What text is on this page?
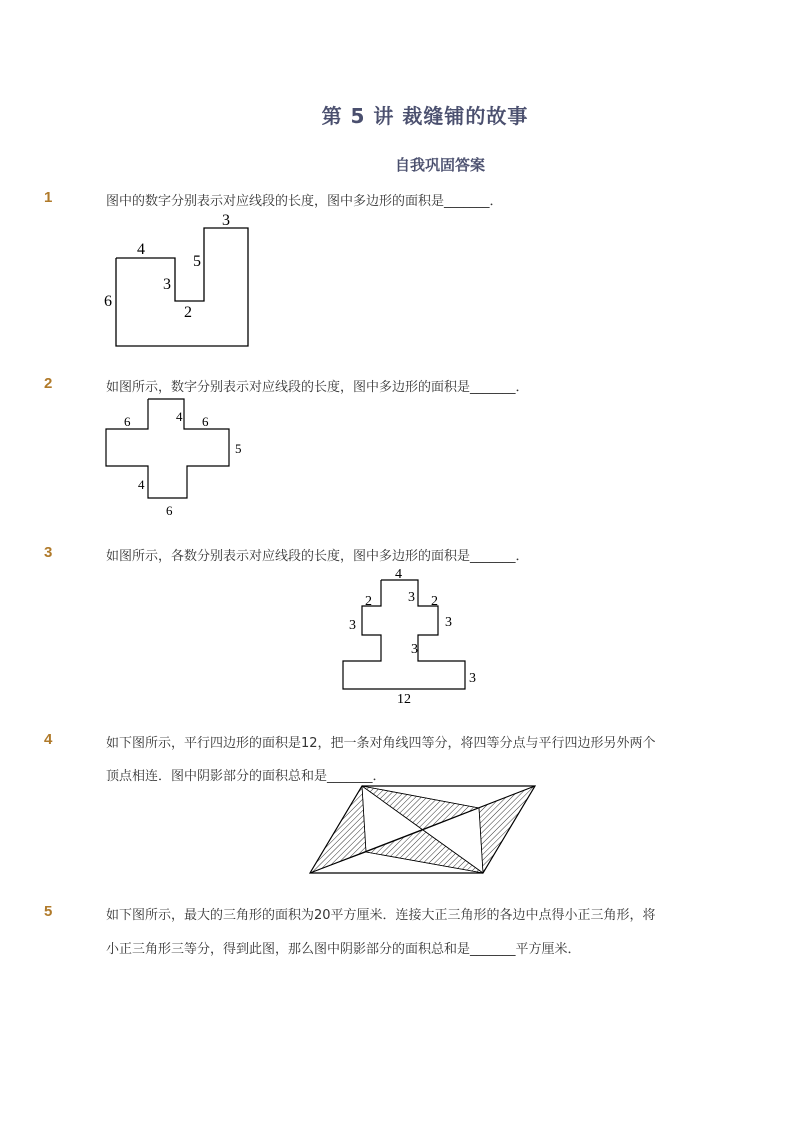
第 5 讲 裁缝铺的故事
自我巩固答案
1	图中的数字分别表示对应线段的长度，图中多边形的面积是_______．
3
4
5
3
6
2
2	如图所示，数字分别表示对应线段的长度，图中多边形的面积是_______．
6	4 6
5
4
6
3	如图所示，各数分别表示对应线段的长度，图中多边形的面积是_______．
4
2	3 2
3	3
3
3
12
4	如下图所示，平行四边形的面积是12，把一条对角线四等分，将四等分点与平行四边形另外两个
顶点相连．图中阴影部分的面积总和是_______．
5	如下图所示，最大的三角形的面积为20平方厘米．连接大正三角形的各边中点得小正三角形，将
小正三角形三等分，得到此图，那么图中阴影部分的面积总和是_______平方厘米．
